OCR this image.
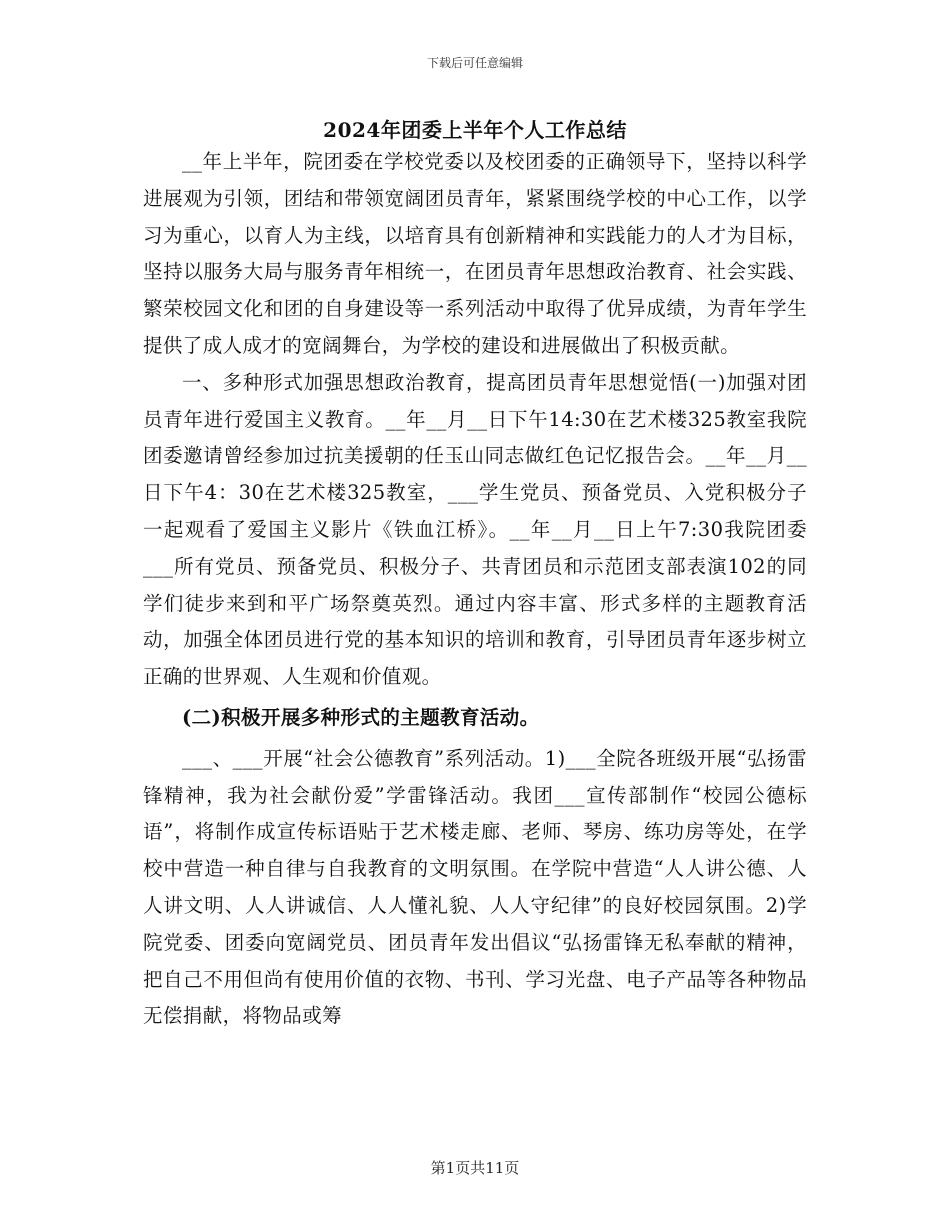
下载后可任意编辑
2024年团委上半年个人工作总结

__年上半年，院团委在学校党委以及校团委的正确领导下，坚持以科学进展观为引领，团结和带领宽阔团员青年，紧紧围绕学校的中心工作，以学习为重心，以育人为主线，以培育具有创新精神和实践能力的人才为目标，坚持以服务大局与服务青年相统一，在团员青年思想政治教育、社会实践、繁荣校园文化和团的自身建设等一系列活动中取得了优异成绩，为青年学生提供了成人成才的宽阔舞台，为学校的建设和进展做出了积极贡献。

一、多种形式加强思想政治教育，提高团员青年思想觉悟(一)加强对团员青年进行爱国主义教育。__年__月__日下午14:30在艺术楼325教室我院团委邀请曾经参加过抗美援朝的任玉山同志做红色记忆报告会。__年__月__日下午4：30在艺术楼325教室，___学生党员、预备党员、入党积极分子一起观看了爱国主义影片《铁血江桥》。__年__月__日上午7:30我院团委___所有党员、预备党员、积极分子、共青团员和示范团支部表演102的同学们徒步来到和平广场祭奠英烈。通过内容丰富、形式多样的主题教育活动，加强全体团员进行党的基本知识的培训和教育，引导团员青年逐步树立正确的世界观、人生观和价值观。

(二)积极开展多种形式的主题教育活动。

___、___开展“社会公德教育”系列活动。1)___全院各班级开展“弘扬雷锋精神，我为社会献份爱”学雷锋活动。我团___宣传部制作“校园公德标语”，将制作成宣传标语贴于艺术楼走廊、老师、琴房、练功房等处，在学校中营造一种自律与自我教育的文明氛围。在学院中营造“人人讲公德、人人讲文明、人人讲诚信、人人懂礼貌、人人守纪律”的良好校园氛围。2)学院党委、团委向宽阔党员、团员青年发出倡议“弘扬雷锋无私奉献的精神，把自己不用但尚有使用价值的衣物、书刊、学习光盘、电子产品等各种物品无偿捐献，将物品或筹

第1页共11页
